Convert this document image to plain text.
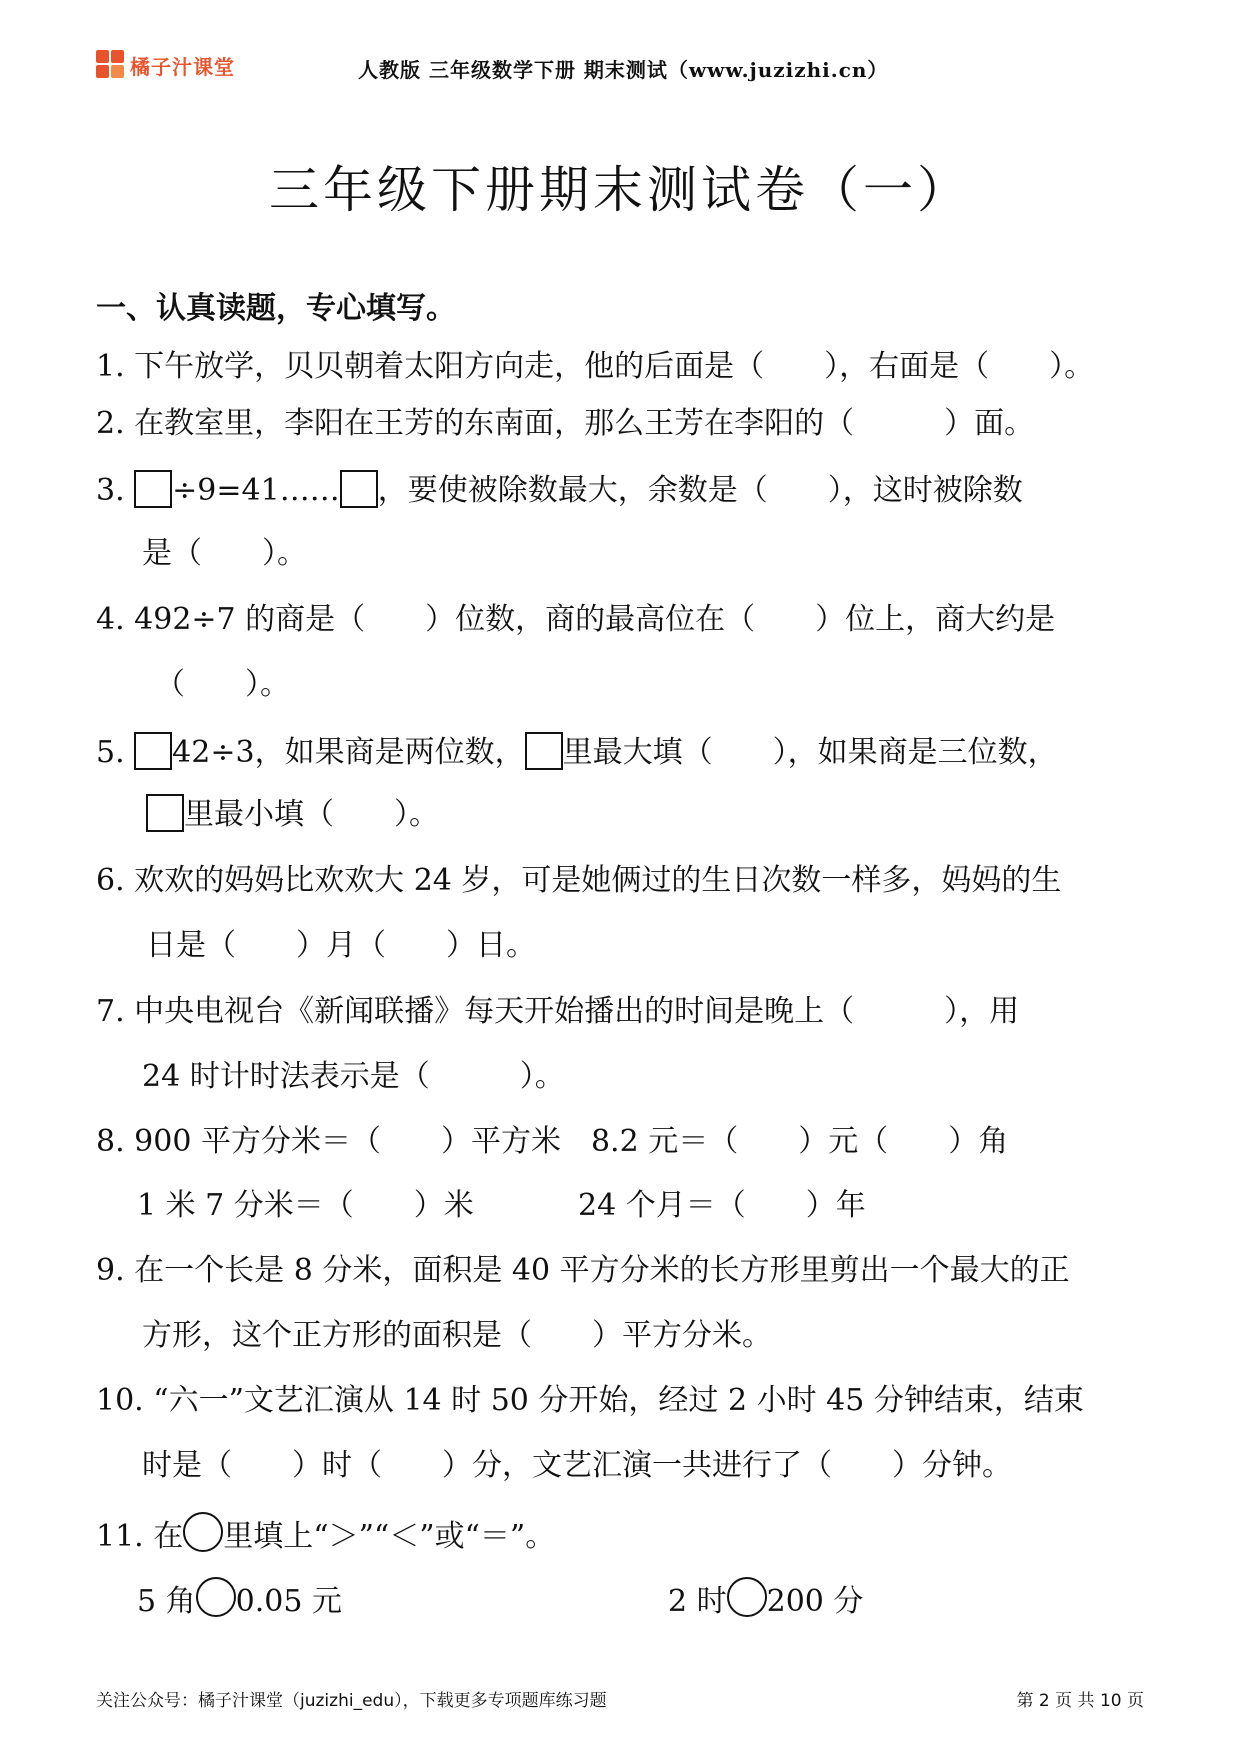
橘子汁课堂	人教版 三年级数学下册 期末测试（www.juzizhi.cn）
三年级下册期末测试卷（一）
一、认真读题，专心填写。
1. 下午放学，贝贝朝着太阳方向走，他的后面是（　　），右面是（　　）。
2. 在教室里，李阳在王芳的东南面，那么王芳在李阳的（　　　）面。
3. ÷9=41…… ，要使被除数最大，余数是（　　），这时被除数
是（　　）。
4. 492÷7 的商是（　　）位数，商的最高位在（　　）位上，商大约是
（　　）。
5. 42÷3，如果商是两位数， 里最大填（　　），如果商是三位数，
里最小填（　　）。
6. 欢欢的妈妈比欢欢大 24 岁，可是她俩过的生日次数一样多，妈妈的生
日是（　　）月（　　）日。
7. 中央电视台《新闻联播》每天开始播出的时间是晚上（　　　），用
24 时计时法表示是（　　　）。
8. 900 平方分米＝（　　）平方米　8.2 元＝（　　）元（　　）角
1 米 7 分米＝（　　）米	24 个月＝（　　）年
9. 在一个长是 8 分米，面积是 40 平方分米的长方形里剪出一个最大的正
方形，这个正方形的面积是（　　）平方分米。
10. “六一”文艺汇演从 14 时 50 分开始，经过 2 小时 45 分钟结束，结束
时是（　　）时（　　）分，文艺汇演一共进行了（　　）分钟。
11. 在 里填上“＞”“＜”或“＝”。
5 角 0.05 元	2 时 200 分
关注公众号：橘子汁课堂（juzizhi_edu），下载更多专项题库练习题	第 2 页 共 10 页
